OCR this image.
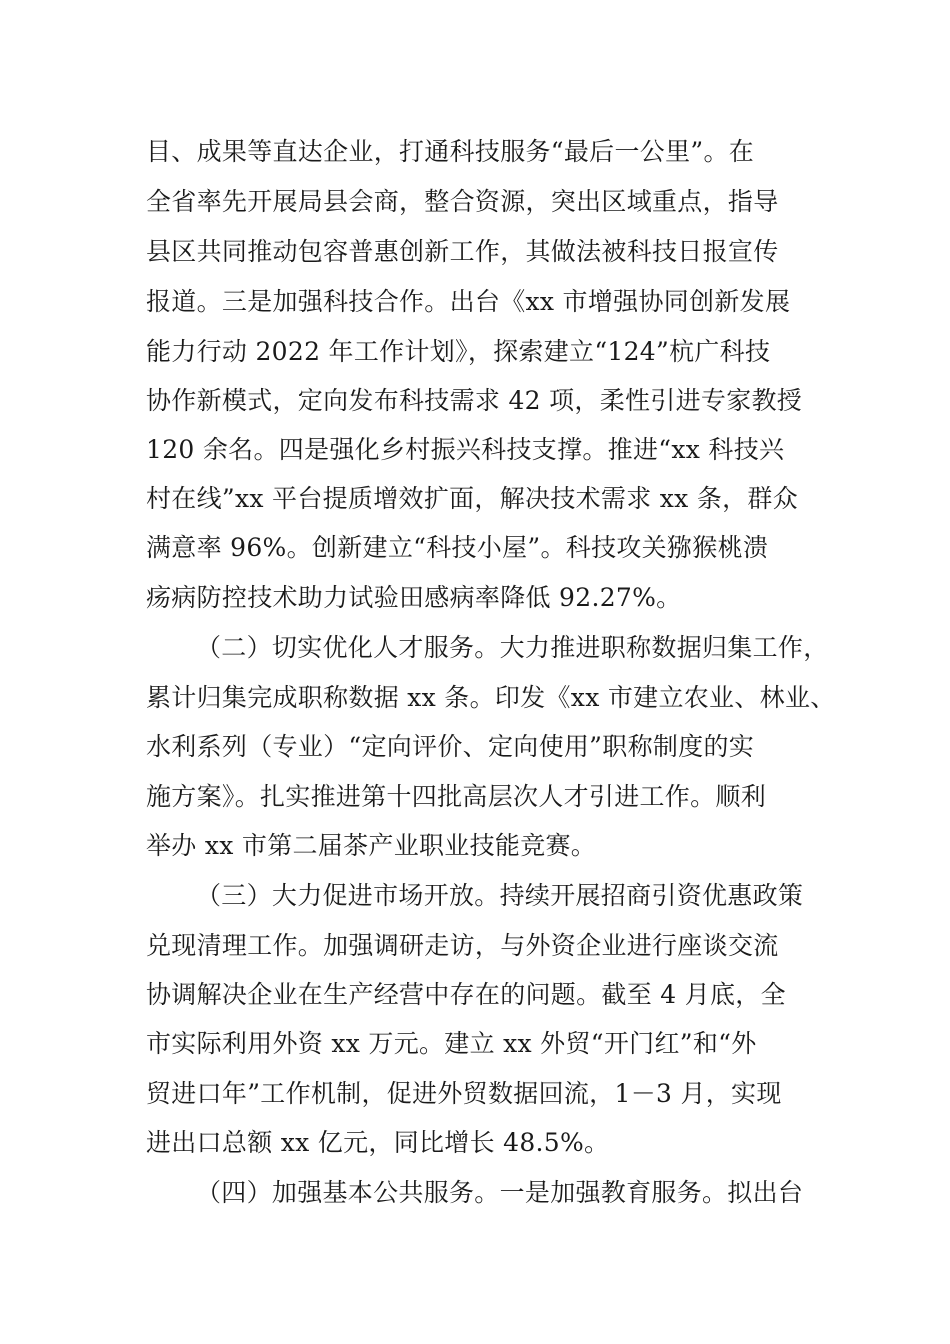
目、成果等直达企业，打通科技服务“最后一公里”。在
全省率先开展局县会商，整合资源，突出区域重点，指导
县区共同推动包容普惠创新工作，其做法被科技日报宣传
报道。三是加强科技合作。出台《xx 市增强协同创新发展
能力行动 2022 年工作计划》，探索建立“124”杭广科技
协作新模式，定向发布科技需求 42 项，柔性引进专家教授
120 余名。四是强化乡村振兴科技支撑。推进“xx 科技兴
村在线”xx 平台提质增效扩面，解决技术需求 xx 条，群众
满意率 96%。创新建立“科技小屋”。科技攻关猕猴桃溃
疡病防控技术助力试验田感病率降低 92.27%。
（二）切实优化人才服务。大力推进职称数据归集工作，
累计归集完成职称数据 xx 条。印发《xx 市建立农业、林业、
水利系列（专业）“定向评价、定向使用”职称制度的实
施方案》。扎实推进第十四批高层次人才引进工作。顺利
举办 xx 市第二届茶产业职业技能竞赛。
（三）大力促进市场开放。持续开展招商引资优惠政策
兑现清理工作。加强调研走访，与外资企业进行座谈交流
协调解决企业在生产经营中存在的问题。截至 4 月底，全
市实际利用外资 xx 万元。建立 xx 外贸“开门红”和“外
贸进口年”工作机制，促进外贸数据回流，1－3 月，实现
进出口总额 xx 亿元，同比增长 48.5%。
（四）加强基本公共服务。一是加强教育服务。拟出台
